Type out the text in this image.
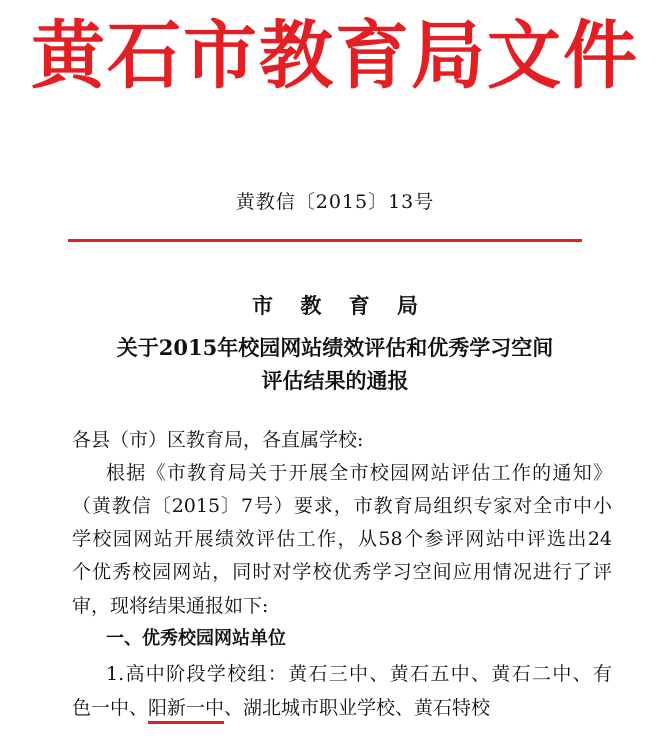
黄石市教育局文件
黄教信〔2015〕13号
市 教 育 局
关于2015年校园网站绩效评估和优秀学习空间
评估结果的通报
各县（市）区教育局，各直属学校:
根据《市教育局关于开展全市校园网站评估工作的通知》
（黄教信〔2015〕7号）要求，市教育局组织专家对全市中小
学校园网站开展绩效评估工作，从58个参评网站中评选出24
个优秀校园网站，同时对学校优秀学习空间应用情况进行了评
审，现将结果通报如下:
一、优秀校园网站单位
1.高中阶段学校组：黄石三中、黄石五中、黄石二中、有
色一中、阳新一中、湖北城市职业学校、黄石特校
